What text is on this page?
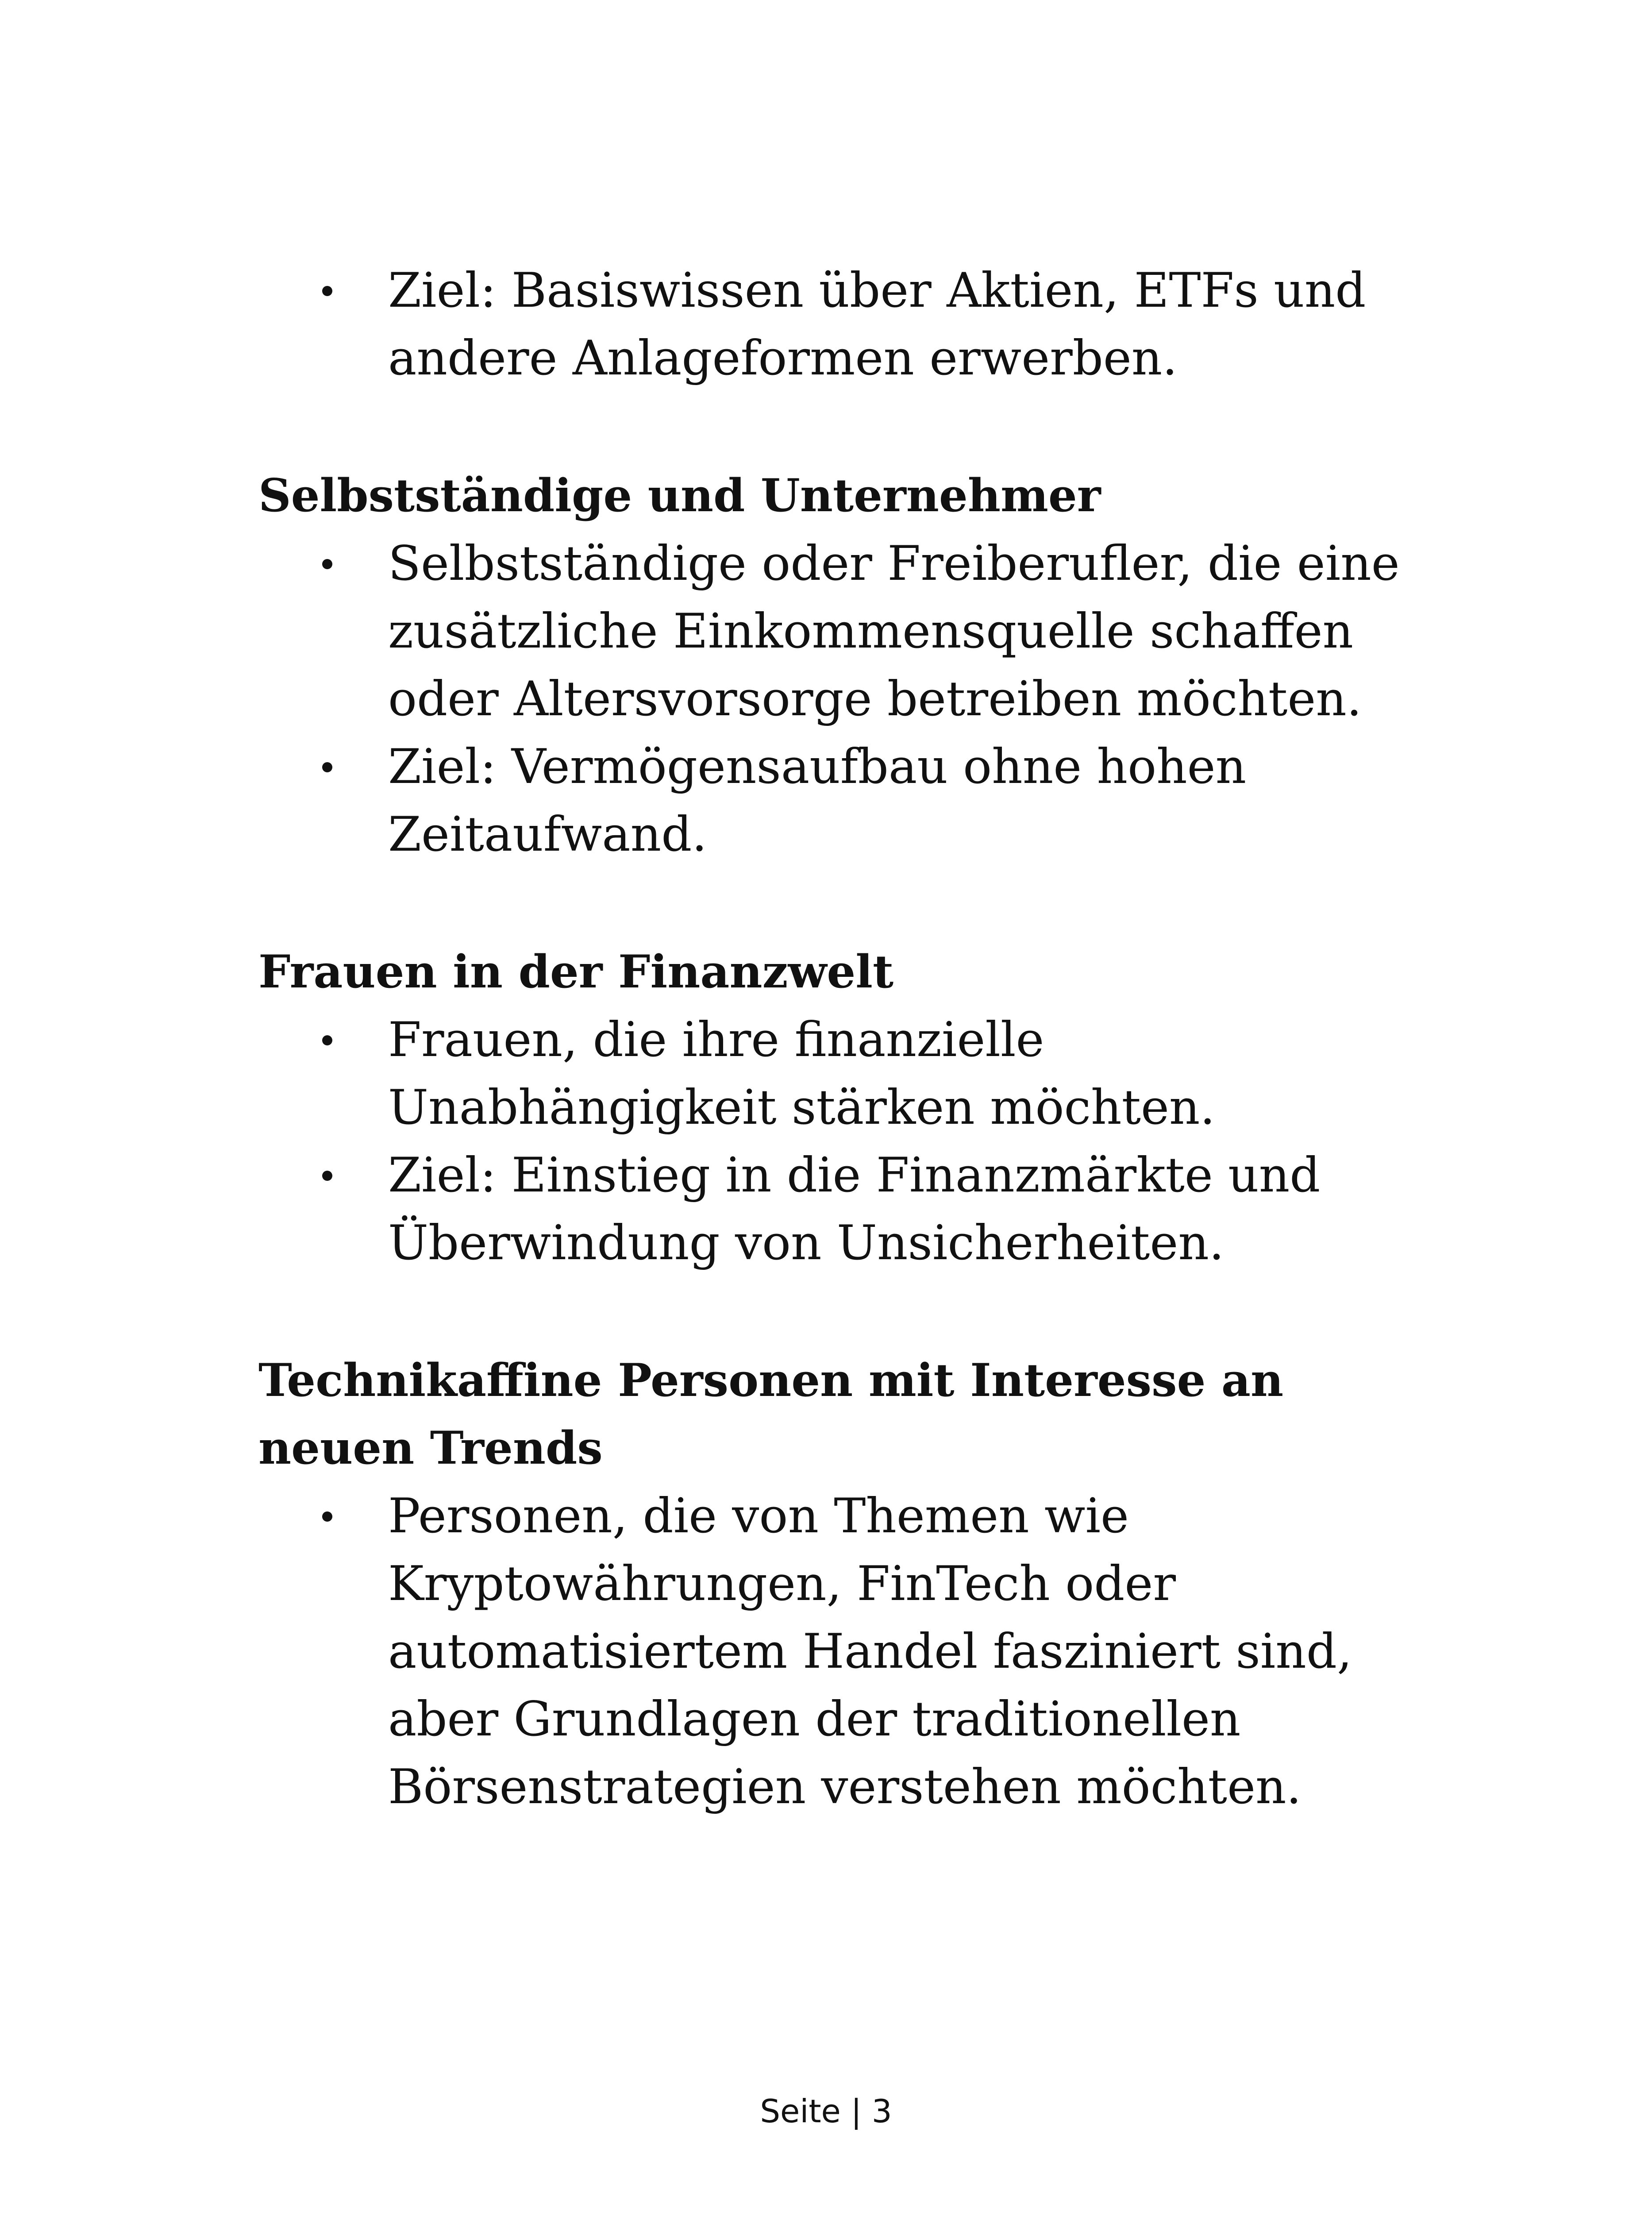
Ziel: Basiswissen über Aktien, ETFs und andere Anlageformen erwerben.
Selbstständige und Unternehmer
Selbstständige oder Freiberufler, die eine zusätzliche Einkommensquelle schaffen oder Altersvorsorge betreiben möchten.
Ziel: Vermögensaufbau ohne hohen Zeitaufwand.
Frauen in der Finanzwelt
Frauen, die ihre finanzielle Unabhängigkeit stärken möchten.
Ziel: Einstieg in die Finanzmärkte und Überwindung von Unsicherheiten.
Technikaffine Personen mit Interesse an neuen Trends
Personen, die von Themen wie Kryptowährungen, FinTech oder automatisiertem Handel fasziniert sind, aber Grundlagen der traditionellen Börsenstrategien verstehen möchten.
Seite | 3
